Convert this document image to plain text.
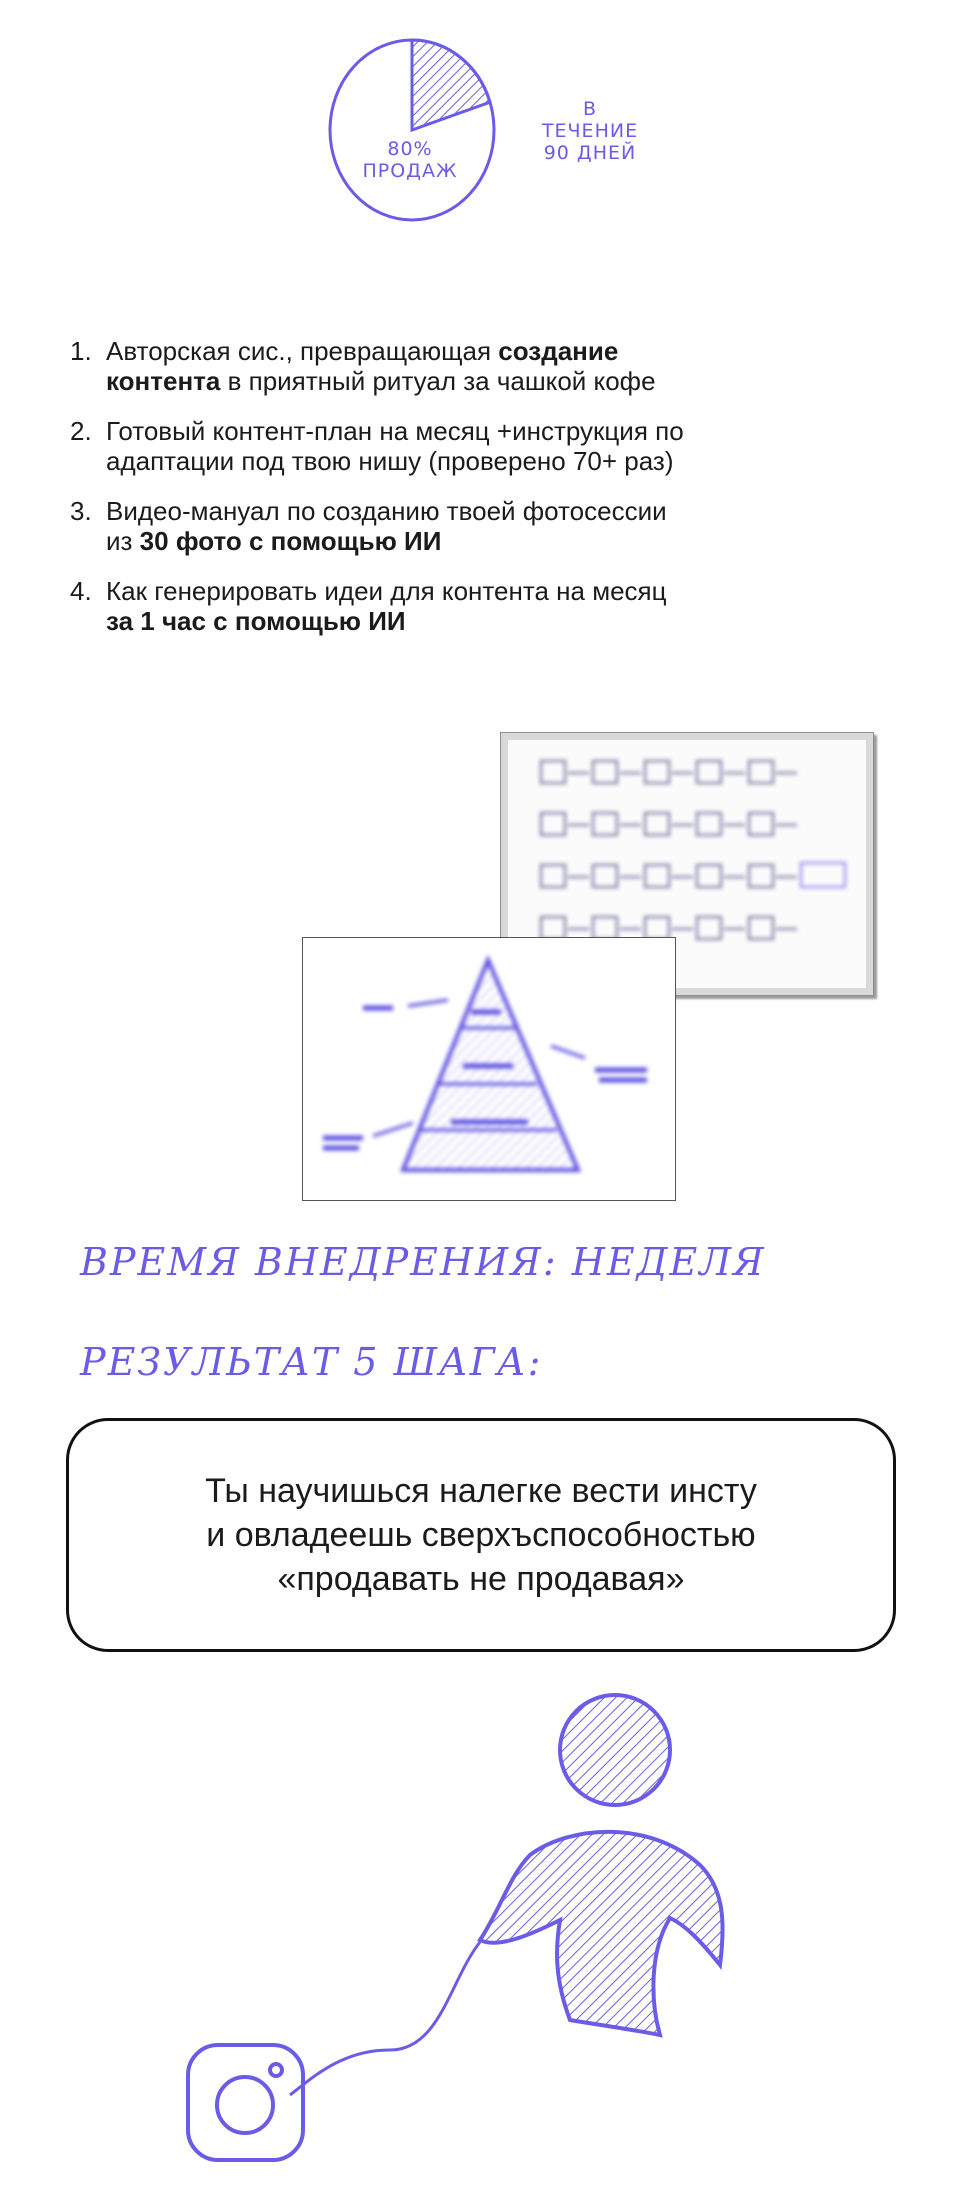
80%
ПРОДАЖ
В
ТЕЧЕНИЕ
90 ДНЕЙ
1. Авторская сис., превращающая создание контента в приятный ритуал за чашкой кофе
2. Готовый контент-план на месяц +инструкция по адаптации под твою нишу (проверено 70+ раз)
3. Видео-мануал по созданию твоей фотосессии из 30 фото с помощью ИИ
4. Как генерировать идеи для контента на месяц за 1 час с помощью ИИ
ВРЕМЯ ВНЕДРЕНИЯ: НЕДЕЛЯ
РЕЗУЛЬТАТ 5 ШАГА:
Ты научишься налегке вести инсту
и овладеешь сверхъспособностью
«продавать не продавая»
